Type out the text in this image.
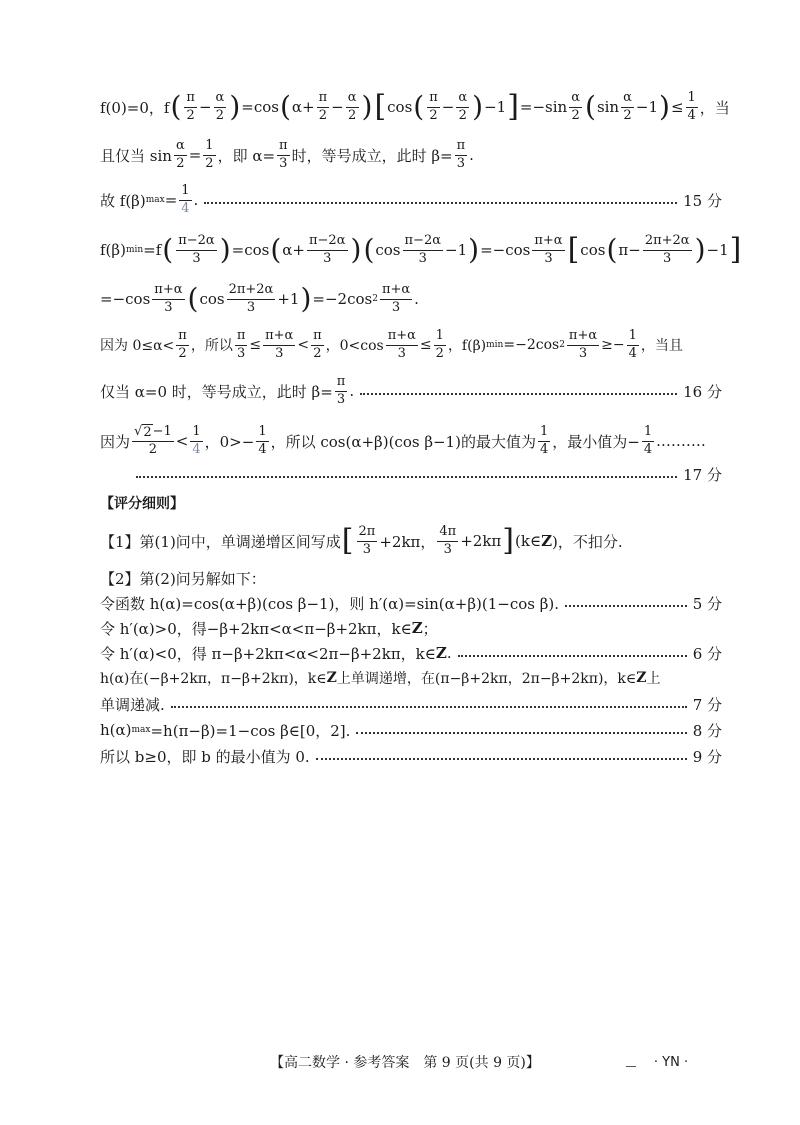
f(0)=0，f ( $\frac{\pi}{2} - \frac{\alpha}{2}$ ) =cos ( $\alpha+ \frac{\pi}{2} - \frac{\alpha}{2}$ ) [ cos ( $\frac{\pi}{2} - \frac{\alpha}{2}$ ) −1 ] $=-\sin \frac{\alpha}{2}$ ( $\sin \frac{\alpha}{2} -1$ ) ≤ $\frac{1}{4}$ ，当
且仅当 $\sin \frac{\alpha}{2} = \frac{1}{2}$ ，即 $\alpha= \frac{\pi}{3}$ 时，等号成立，此时 $\beta= \frac{\pi}{3}$ .
故 f(β) $\max = \frac{1}{4}$ .	15 分
f(β) min =f ( $\frac{\pi-2\alpha}{3}$ ) =cos ( $\alpha+ \frac{\pi-2\alpha}{3}$ ) ( $\cos \frac{\pi-2\alpha}{3} -1$ ) $=-\cos \frac{\pi+\alpha}{3}$ [ cos ( $\pi- \frac{2\pi+2\alpha}{3}$ ) −1 ]
$=-\cos \frac{\pi+\alpha}{3}$ ( $\cos \frac{2\pi+2\alpha}{3} +1$ ) =−2cos $2 \frac{\pi+\alpha}{3}$ .
因为 $0\le\alpha< \frac{\pi}{2}$ ，所以 $\frac{\pi}{3} \le \frac{\pi+\alpha}{3} < \frac{\pi}{2}$ ，$0<\cos \frac{\pi+\alpha}{3} \le \frac{1}{2}$ ，f(β) min =−2cos $2 \frac{\pi+\alpha}{3} \ge- \frac{1}{4}$ ，当且
仅当 α=0 时，等号成立，此时 $\beta= \frac{\pi}{3}$ .	16 分
因为 $\frac{√ 2 -1}{2} < \frac{1}{4}$ ，$0>- \frac{1}{4}$ ，所以 cos(α+β)(cos β−1)的最大值为 $\frac{1}{4}$ ，最小值为− $\frac{1}{4}$ . ………
17 分
【评分细则】
【1】第(1)问中，单调递增区间写成 [ $\frac{2\pi}{3} +2k\pi$， $\frac{4\pi}{3} +2k\pi$ ] (k∈ Z )，不扣分.
【2】第(2)问另解如下：
令函数 h(α)=cos(α+β)(cos β−1)，则 h′(α)=sin(α+β)(1−cos β).	5 分
令 h′(α)>0，得−β+2kπ<α<π−β+2kπ，k∈ Z ；
令 h′(α)<0，得 π−β+2kπ<α<2π−β+2kπ，k∈ Z .	6 分
h(α)在(−β+2kπ，π−β+2kπ)，k∈ Z 上单调递增，在(π−β+2kπ，2π−β+2kπ)，k∈ Z 上
单调递减.	7 分
h(α) max =h(π−β)=1−cos β∈[0，2].	8 分
所以 b≥0，即 b 的最小值为 0.	9 分
【高二数学 · 参考答案　第 9 页(共 9 页)】	· YN ·
